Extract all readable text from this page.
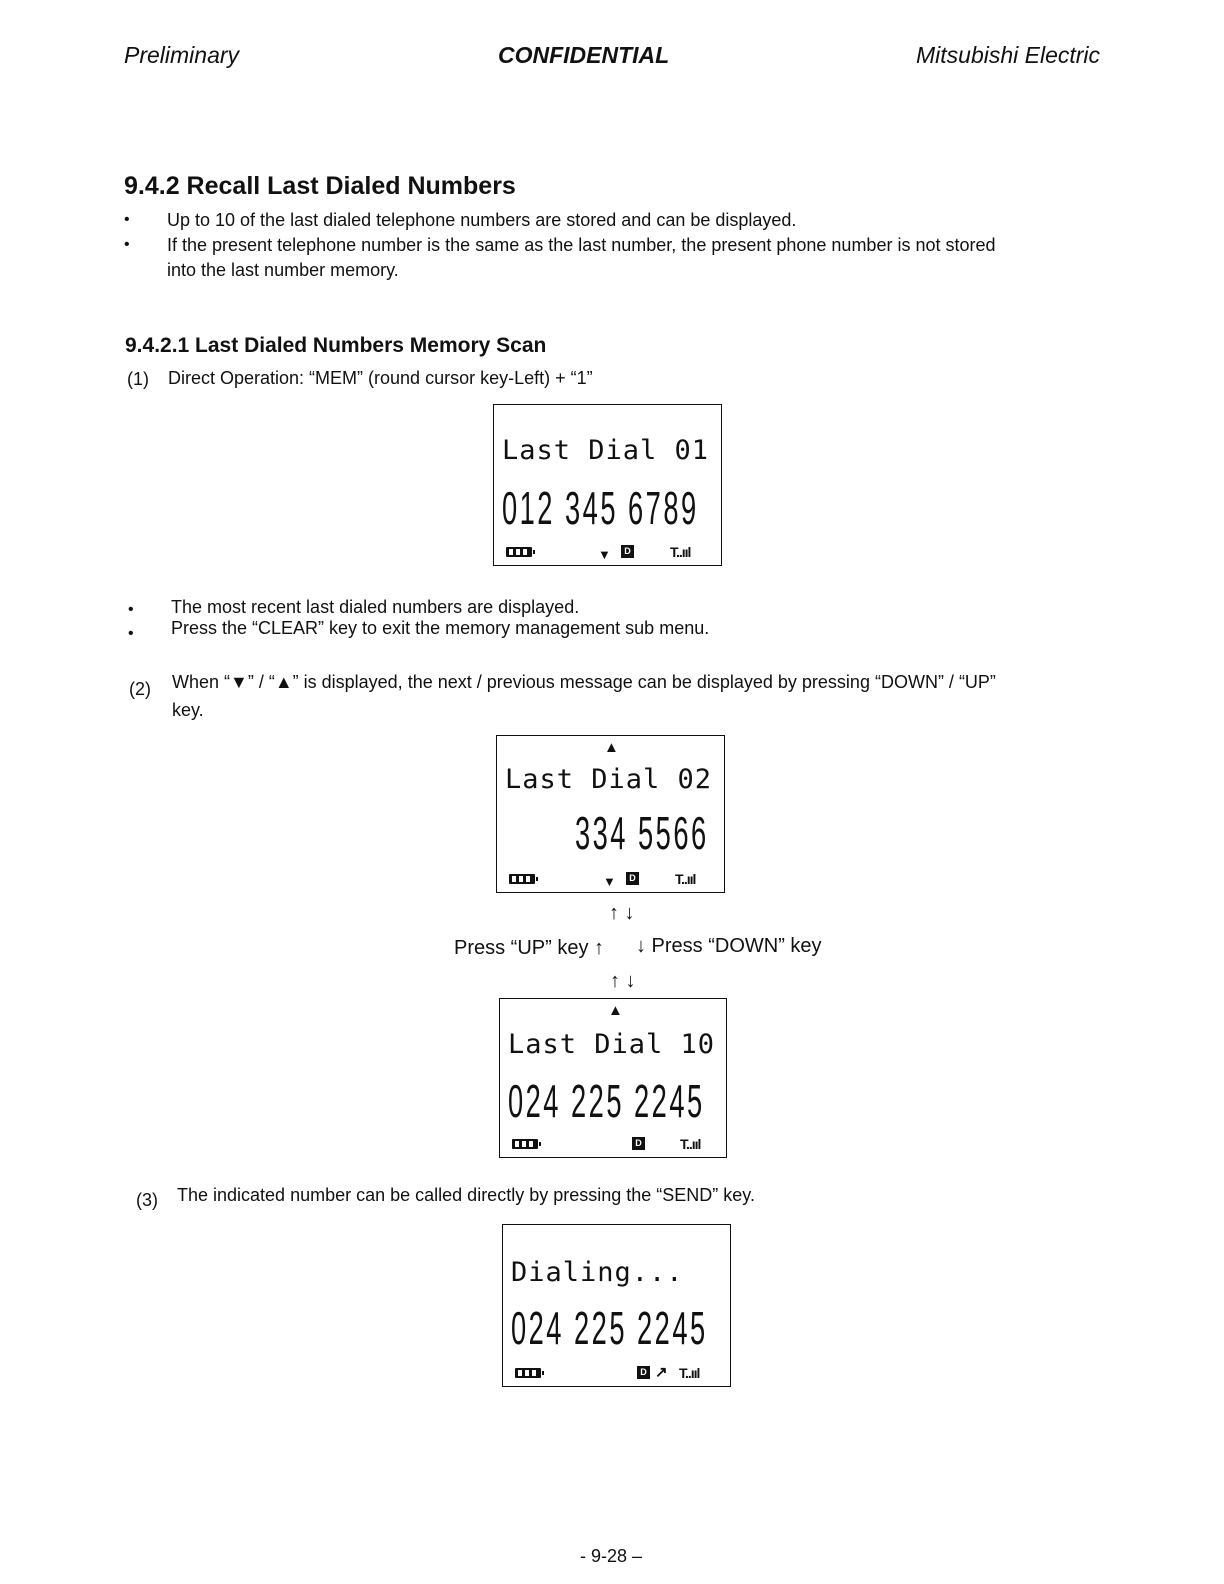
Preliminary	CONFIDENTIAL	Mitsubishi Electric
9.4.2 Recall Last Dialed Numbers
• Up to 10 of the last dialed telephone numbers are stored and can be displayed.
• If the present telephone number is the same as the last number, the present phone number is not stored
into the last number memory.
9.4.2.1 Last Dialed Numbers Memory Scan
(1) Direct Operation: “MEM” (round cursor key-Left) + “1”
Last Dial 01
012 345 6789
▼	D	T..ııl
• The most recent last dialed numbers are displayed.
• Press the “CLEAR” key to exit the memory management sub menu.
(2) When “▼” / “▲” is displayed, the next / previous message can be displayed by pressing “DOWN” / “UP”
key.
▲
Last Dial 02
334 5566
▼	D	T..ııl
↑ ↓
Press “UP” key ↑ ↓ Press “DOWN” key
↑ ↓
▲
Last Dial 10
024 225 2245
D	T..ııl
(3) The indicated number can be called directly by pressing the “SEND” key.
Dialing...
024 225 2245
D ↗ T..ııl
- 9-28 –
